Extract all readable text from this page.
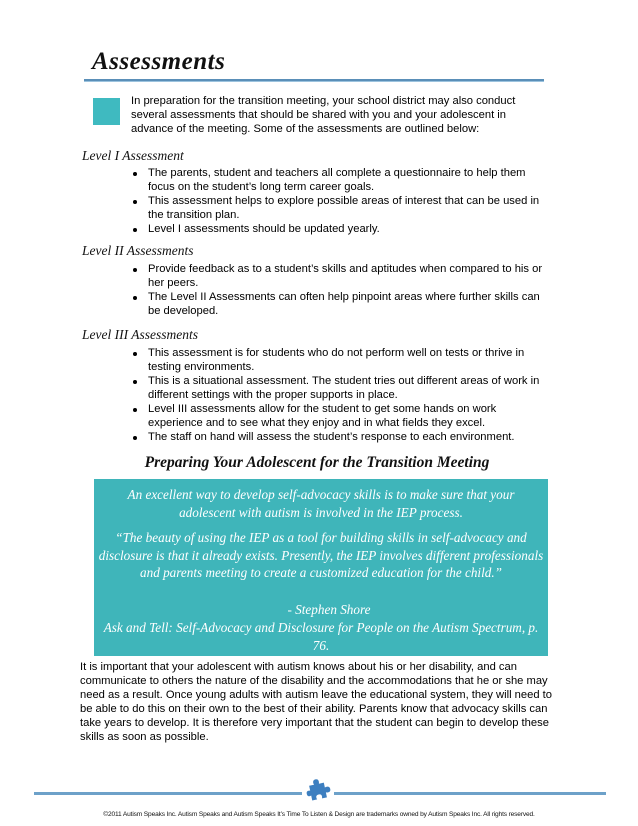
Assessments
In preparation for the transition meeting, your school district may also conduct several assessments that should be shared with you and your adolescent in advance of the meeting. Some of the assessments are outlined below:
Level I Assessment
The parents, student and teachers all complete a questionnaire to help them focus on the student’s long term career goals.
This assessment helps to explore possible areas of interest that can be used in the transition plan.
Level I assessments should be updated yearly.
Level II Assessments
Provide feedback as to a student’s skills and aptitudes when compared to his or her peers.
The Level II Assessments can often help pinpoint areas where further skills can be developed.
Level III Assessments
This assessment is for students who do not perform well on tests or thrive in testing environments.
This is a situational assessment. The student tries out different areas of work in different settings with the proper supports in place.
Level III assessments allow for the student to get some hands on work experience and to see what they enjoy and in what fields they excel.
The staff on hand will assess the student’s response to each environment.
Preparing Your Adolescent for the Transition Meeting

An excellent way to develop self-advocacy skills is to make sure that your adolescent with autism is involved in the IEP process.

“The beauty of using the IEP as a tool for building skills in self-advocacy and disclosure is that it already exists. Presently, the IEP involves different professionals and parents meeting to create a customized education for the child.”

- Stephen Shore

Ask and Tell: Self-Advocacy and Disclosure for People on the Autism Spectrum, p. 76.

It is important that your adolescent with autism knows about his or her disability, and can communicate to others the nature of the disability and the accommodations that he or she may need as a result. Once young adults with autism leave the educational system, they will need to be able to do this on their own to the best of their ability. Parents know that advocacy skills can take years to develop. It is therefore very important that the student can begin to develop these skills as soon as possible.
©2011 Autism Speaks Inc. Autism Speaks and Autism Speaks It’s Time To Listen & Design are trademarks owned by Autism Speaks Inc. All rights reserved.
